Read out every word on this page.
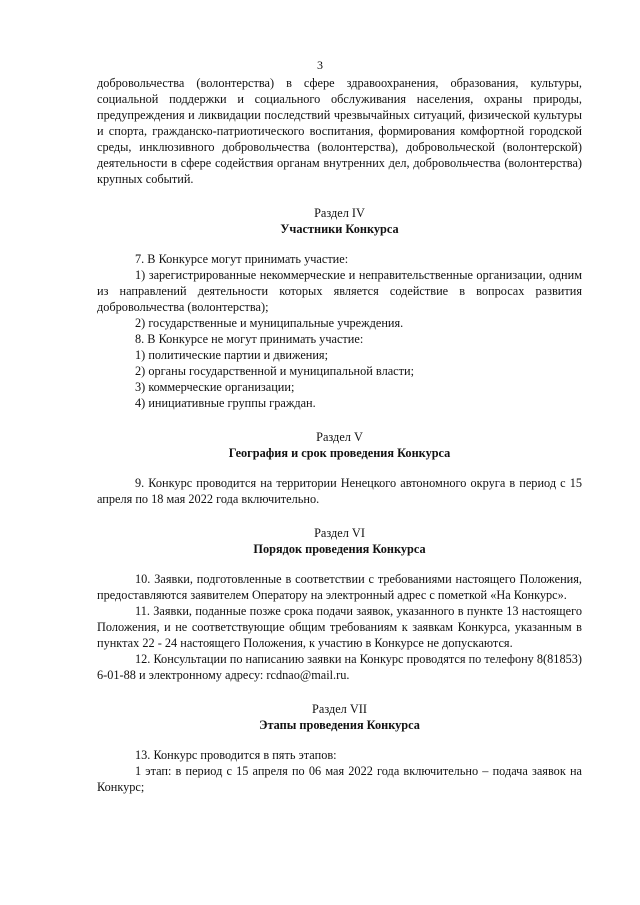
3

добровольчества (волонтерства) в сфере здравоохранения, образования, культуры, социальной поддержки и социального обслуживания населения, охраны природы, предупреждения и ликвидации последствий чрезвычайных ситуаций, физической культуры и спорта, гражданско-патриотического воспитания, формирования комфортной городской среды, инклюзивного добровольчества (волонтерства), добровольческой (волонтерской) деятельности в сфере содействия органам внутренних дел, добровольчества (волонтерства) крупных событий.

Раздел IV

Участники Конкурса

7. В Конкурсе могут принимать участие:

1) зарегистрированные некоммерческие и неправительственные организации, одним из направлений деятельности которых является содействие в вопросах развития добровольчества (волонтерства);

2) государственные и муниципальные учреждения.

8. В Конкурсе не могут принимать участие:

1) политические партии и движения;

2) органы государственной и муниципальной власти;

3) коммерческие организации;

4) инициативные группы граждан.

Раздел V

География и срок проведения Конкурса

9. Конкурс проводится на территории Ненецкого автономного округа в период с 15 апреля по 18 мая 2022 года включительно.

Раздел VI

Порядок проведения Конкурса

10. Заявки, подготовленные в соответствии с требованиями настоящего Положения, предоставляются заявителем Оператору на электронный адрес с пометкой «На Конкурс».

11. Заявки, поданные позже срока подачи заявок, указанного в пункте 13 настоящего Положения, и не соответствующие общим требованиям к заявкам Конкурса, указанным в пунктах 22 - 24 настоящего Положения, к участию в Конкурсе не допускаются.

12. Консультации по написанию заявки на Конкурс проводятся по телефону 8(81853) 6-01-88 и электронному адресу: rcdnao@mail.ru.

Раздел VII

Этапы проведения Конкурса

13. Конкурс проводится в пять этапов:

1 этап: в период с 15 апреля по 06 мая 2022 года включительно – подача заявок на Конкурс;
